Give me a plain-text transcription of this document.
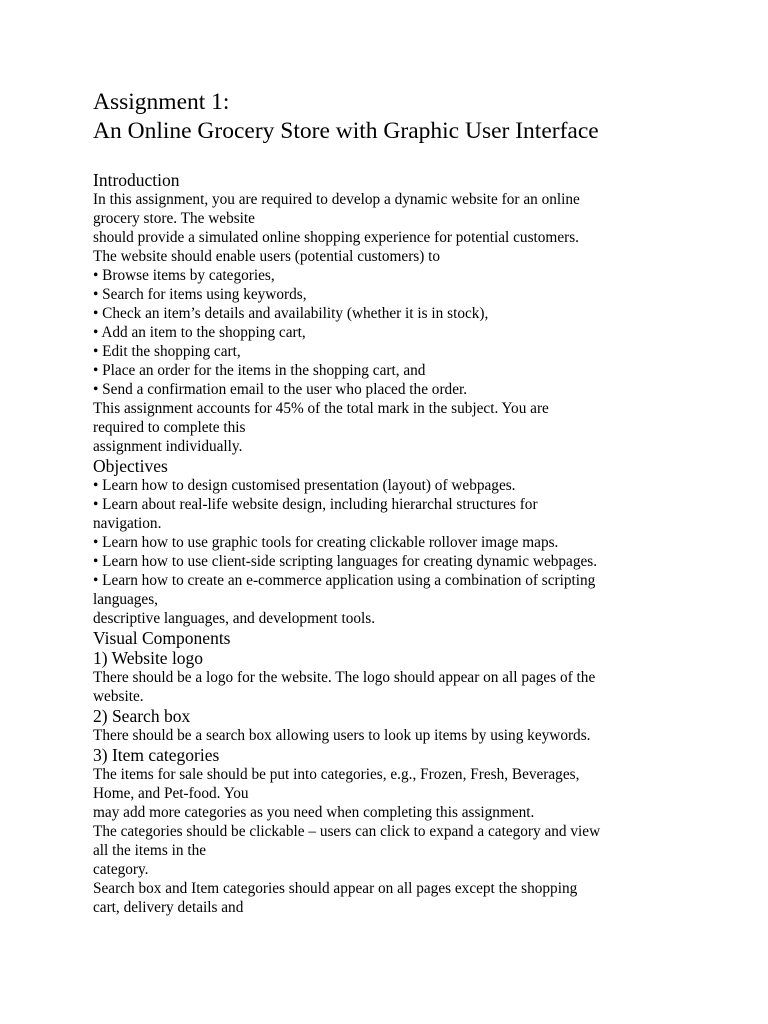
Assignment 1:
An Online Grocery Store with Graphic User Interface
Introduction

In this assignment, you are required to develop a dynamic website for an online

grocery store. The website

should provide a simulated online shopping experience for potential customers.

The website should enable users (potential customers) to

• Browse items by categories,

• Search for items using keywords,

• Check an item’s details and availability (whether it is in stock),

• Add an item to the shopping cart,

• Edit the shopping cart,

• Place an order for the items in the shopping cart, and

• Send a confirmation email to the user who placed the order.

This assignment accounts for 45% of the total mark in the subject. You are

required to complete this

assignment individually.

Objectives

• Learn how to design customised presentation (layout) of webpages.

• Learn about real-life website design, including hierarchal structures for

navigation.

• Learn how to use graphic tools for creating clickable rollover image maps.

• Learn how to use client-side scripting languages for creating dynamic webpages.

• Learn how to create an e-commerce application using a combination of scripting

languages,

descriptive languages, and development tools.

Visual Components
1) Website logo

There should be a logo for the website. The logo should appear on all pages of the

website.

2) Search box

There should be a search box allowing users to look up items by using keywords.

3) Item categories

The items for sale should be put into categories, e.g., Frozen, Fresh, Beverages,

Home, and Pet-food. You

may add more categories as you need when completing this assignment.

The categories should be clickable – users can click to expand a category and view

all the items in the

category.

Search box and Item categories should appear on all pages except the shopping

cart, delivery details and
